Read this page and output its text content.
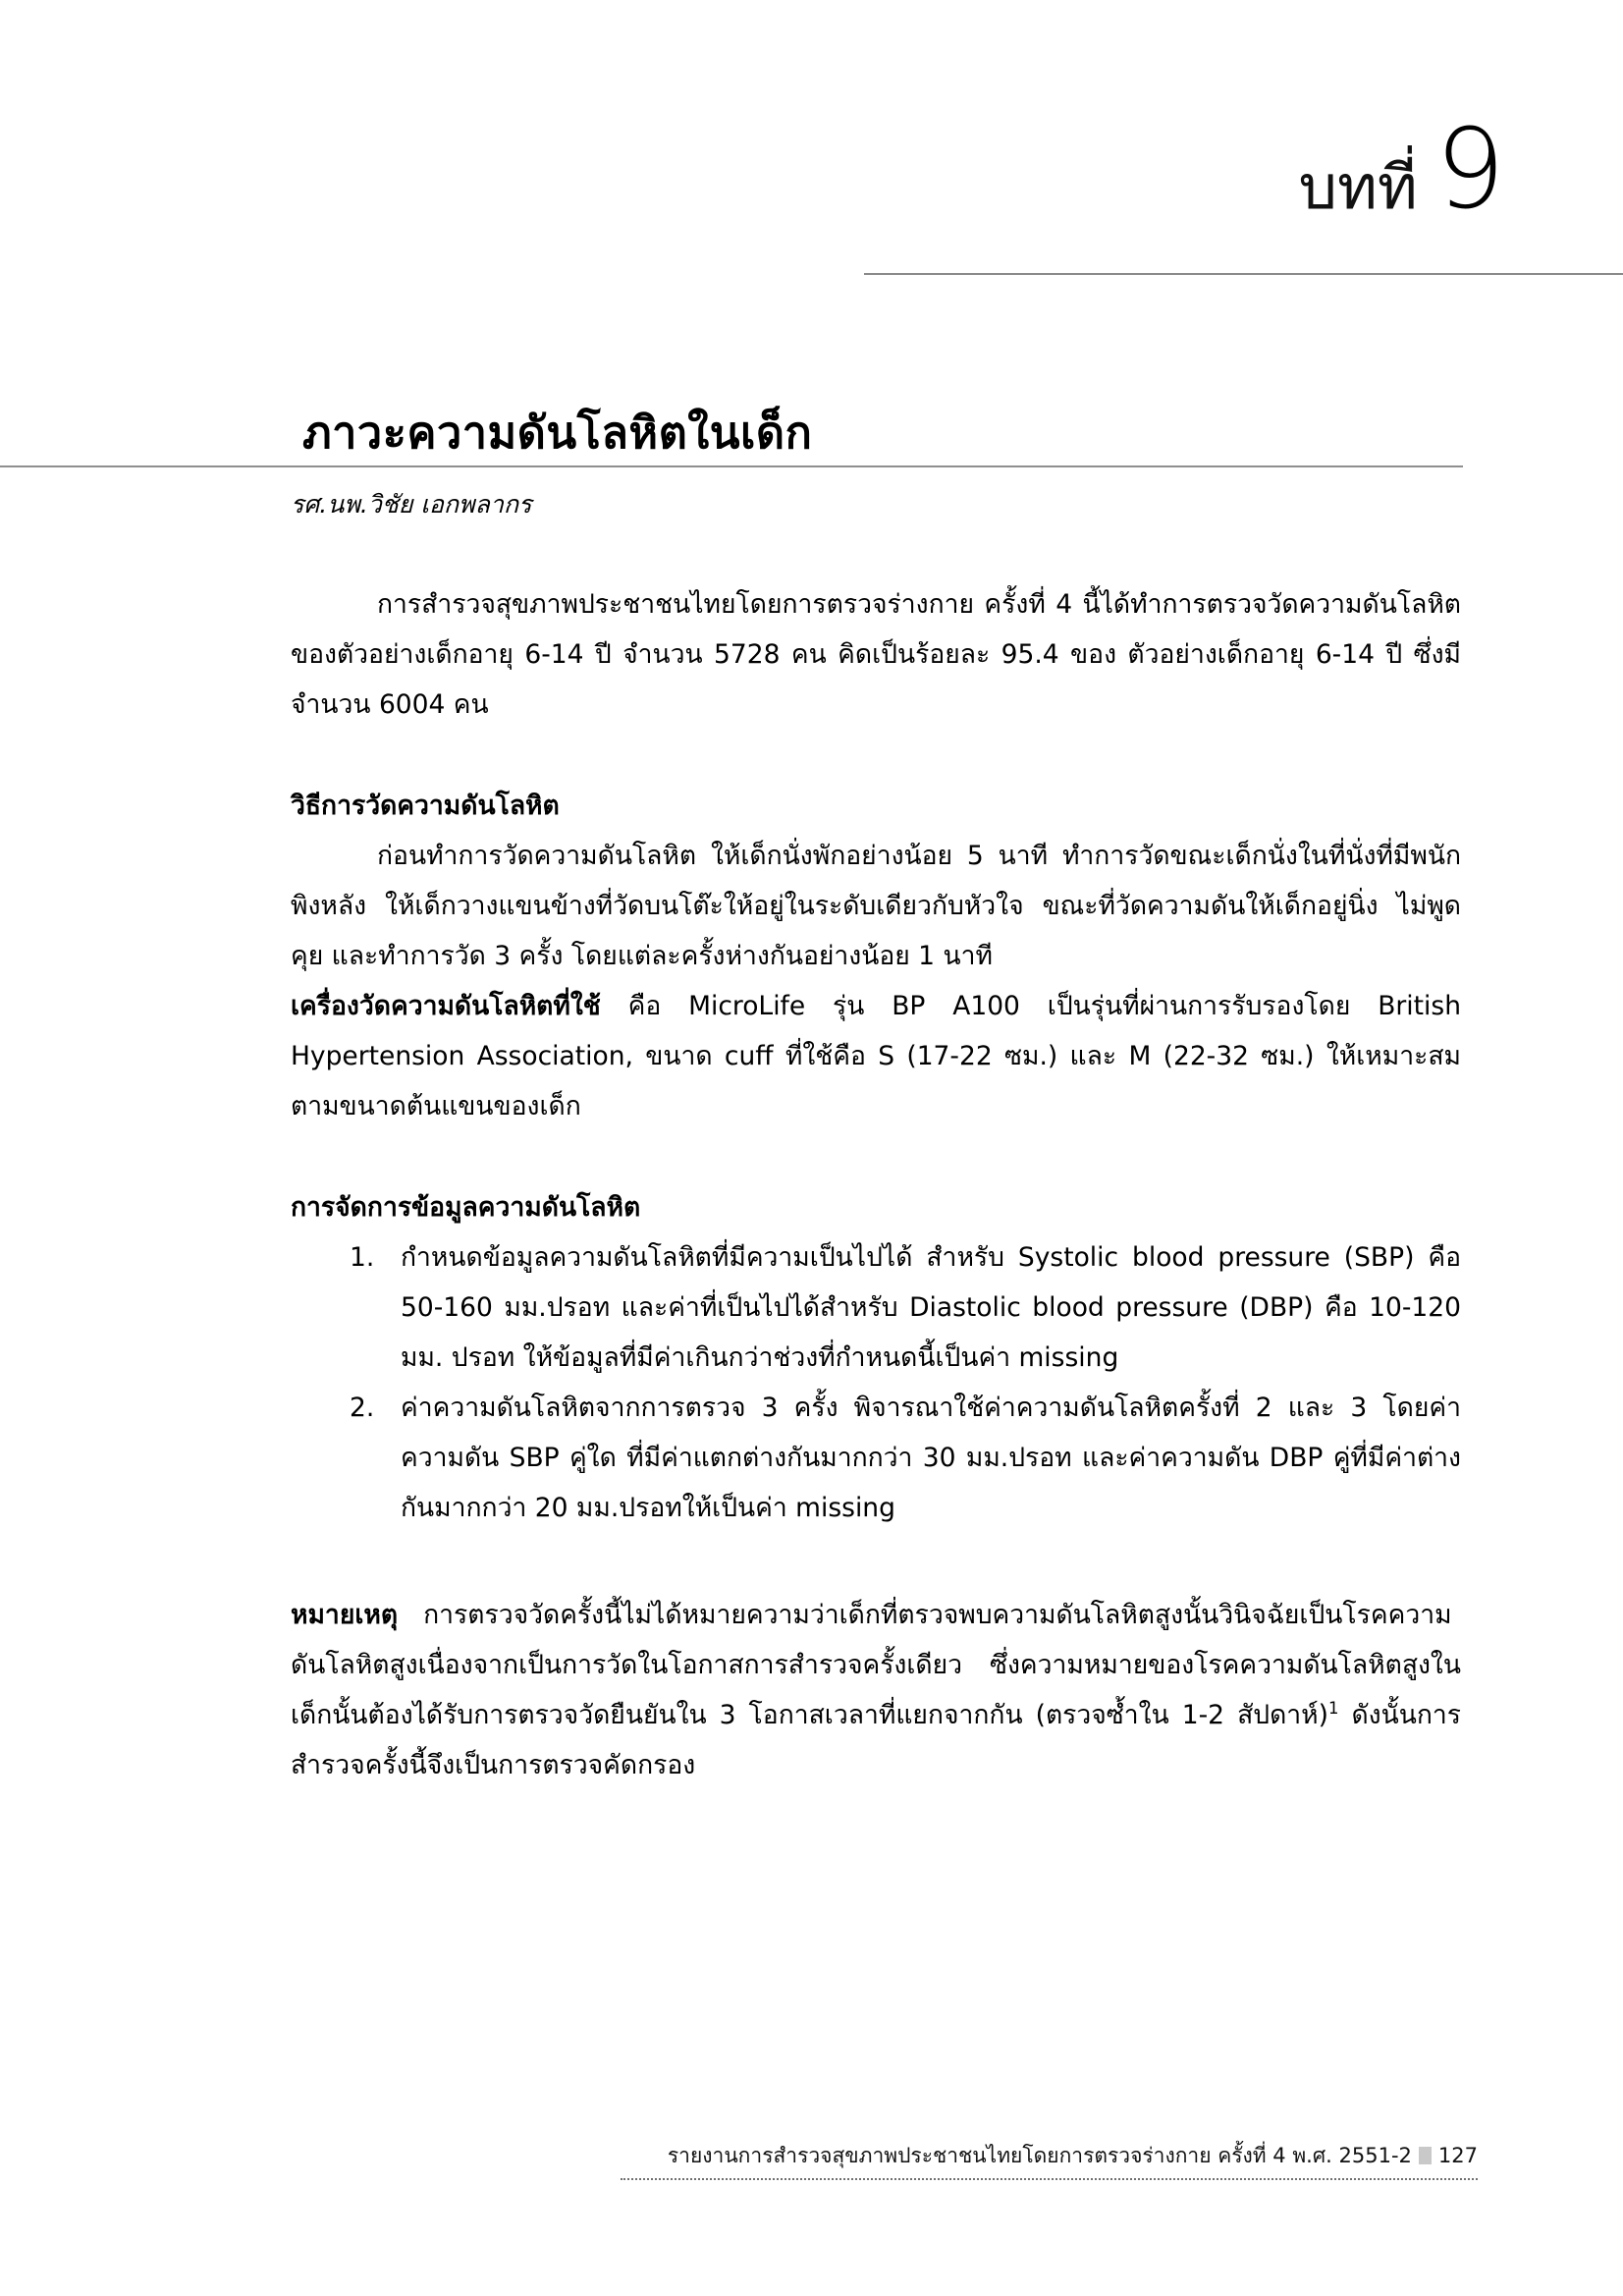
บทที่ 9
ภาวะความดันโลหิตในเด็ก
รศ.นพ.วิชัย เอกพลากร

การสำรวจสุขภาพประชาชนไทยโดยการตรวจร่างกาย ครั้งที่ 4 นี้ได้ทำการตรวจวัดความดันโลหิตของตัวอย่างเด็กอายุ 6-14 ปี จำนวน 5728 คน คิดเป็นร้อยละ 95.4 ของ ตัวอย่างเด็กอายุ 6-14 ปี ซึ่งมีจำนวน 6004 คน

วิธีการวัดความดันโลหิต

ก่อนทำการวัดความดันโลหิต ให้เด็กนั่งพักอย่างน้อย 5 นาที ทำการวัดขณะเด็กนั่งในที่นั่งที่มีพนักพิงหลัง ให้เด็กวางแขนข้างที่วัดบนโต๊ะให้อยู่ในระดับเดียวกับหัวใจ ขณะที่วัดความดันให้เด็กอยู่นิ่ง ไม่พูดคุย และทำการวัด 3 ครั้ง โดยแต่ละครั้งห่างกันอย่างน้อย 1 นาที

เครื่องวัดความดันโลหิตที่ใช้ คือ MicroLife รุ่น BP A100 เป็นรุ่นที่ผ่านการรับรองโดย British Hypertension Association, ขนาด cuff ที่ใช้คือ S (17-22 ซม.) และ M (22-32 ซม.) ให้เหมาะสมตามขนาดต้นแขนของเด็ก

การจัดการข้อมูลความดันโลหิต
1.	กำหนดข้อมูลความดันโลหิตที่มีความเป็นไปได้ สำหรับ Systolic blood pressure (SBP) คือ 50-160 มม.ปรอท และค่าที่เป็นไปได้สำหรับ Diastolic blood pressure (DBP) คือ 10-120 มม. ปรอท ให้ข้อมูลที่มีค่าเกินกว่าช่วงที่กำหนดนี้เป็นค่า missing
2.	ค่าความดันโลหิตจากการตรวจ 3 ครั้ง พิจารณาใช้ค่าความดันโลหิตครั้งที่ 2 และ 3 โดยค่าความดัน SBP คู่ใด ที่มีค่าแตกต่างกันมากกว่า 30 มม.ปรอท และค่าความดัน DBP คู่ที่มีค่าต่างกันมากกว่า 20 มม.ปรอทให้เป็นค่า missing

หมายเหตุ การตรวจวัดครั้งนี้ไม่ได้หมายความว่าเด็กที่ตรวจพบความดันโลหิตสูงนั้นวินิจฉัยเป็นโรคความดันโลหิตสูงเนื่องจากเป็นการวัดในโอกาสการสำรวจครั้งเดียว ซึ่งความหมายของโรคความดันโลหิตสูงในเด็กนั้นต้องได้รับการตรวจวัดยืนยันใน 3 โอกาสเวลาที่แยกจากกัน (ตรวจซ้ำใน 1-2 สัปดาห์)$^1$ ดังนั้นการสำรวจครั้งนี้จึงเป็นการตรวจคัดกรอง

รายงานการสำรวจสุขภาพประชาชนไทยโดยการตรวจร่างกาย ครั้งที่ 4 พ.ศ. 2551-2 127
